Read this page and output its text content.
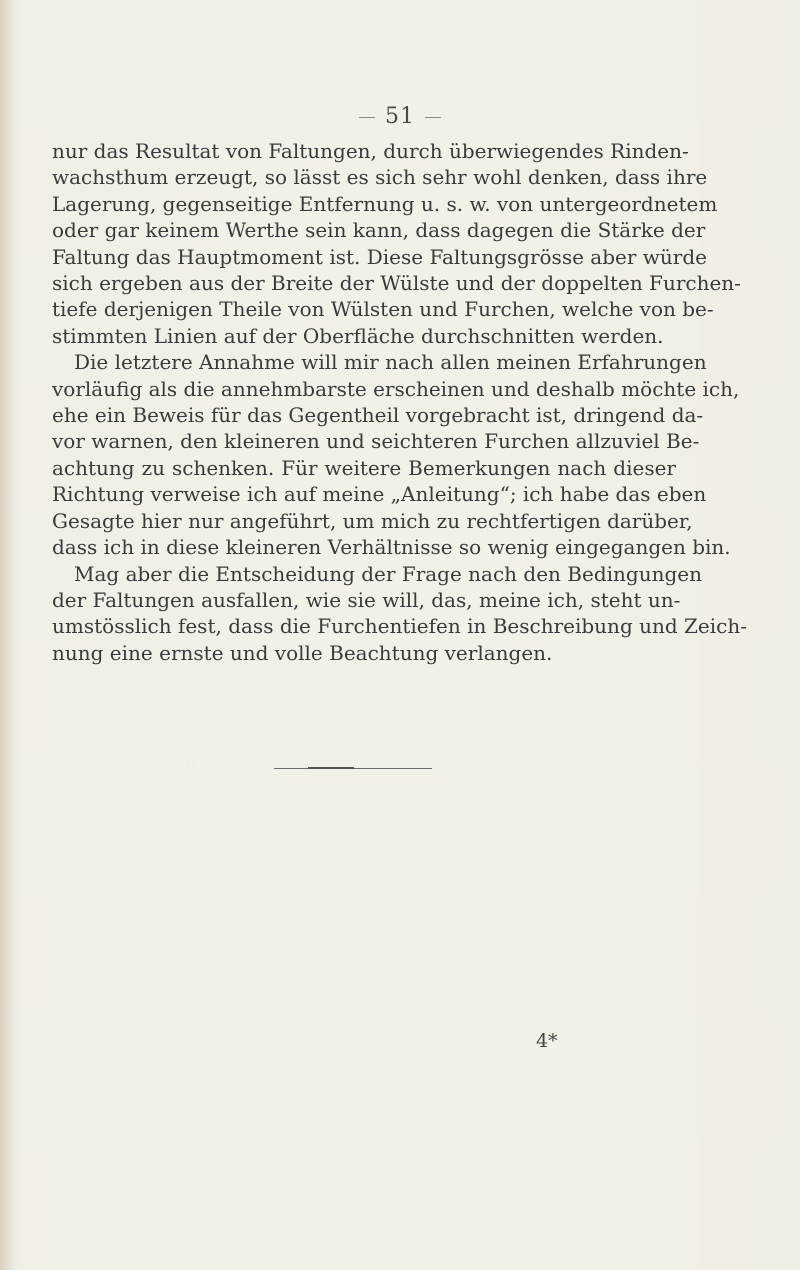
51
nur das Resultat von Faltungen, durch überwiegendes Rinden-
wachsthum erzeugt, so lässt es sich sehr wohl denken, dass ihre
Lagerung, gegenseitige Entfernung u. s. w. von untergeordnetem
oder gar keinem Werthe sein kann, dass dagegen die Stärke der
Faltung das Hauptmoment ist. Diese Faltungsgrösse aber würde
sich ergeben aus der Breite der Wülste und der doppelten Furchen-
tiefe derjenigen Theile von Wülsten und Furchen, welche von be-
stimmten Linien auf der Oberfläche durchschnitten werden.
Die letztere Annahme will mir nach allen meinen Erfahrungen
vorläufig als die annehmbarste erscheinen und deshalb möchte ich,
ehe ein Beweis für das Gegentheil vorgebracht ist, dringend da-
vor warnen, den kleineren und seichteren Furchen allzuviel Be-
achtung zu schenken. Für weitere Bemerkungen nach dieser
Richtung verweise ich auf meine „Anleitung“; ich habe das eben
Gesagte hier nur angeführt, um mich zu rechtfertigen darüber,
dass ich in diese kleineren Verhältnisse so wenig eingegangen bin.
Mag aber die Entscheidung der Frage nach den Bedingungen
der Faltungen ausfallen, wie sie will, das, meine ich, steht un-
umstösslich fest, dass die Furchentiefen in Beschreibung und Zeich-
nung eine ernste und volle Beachtung verlangen.
4*
